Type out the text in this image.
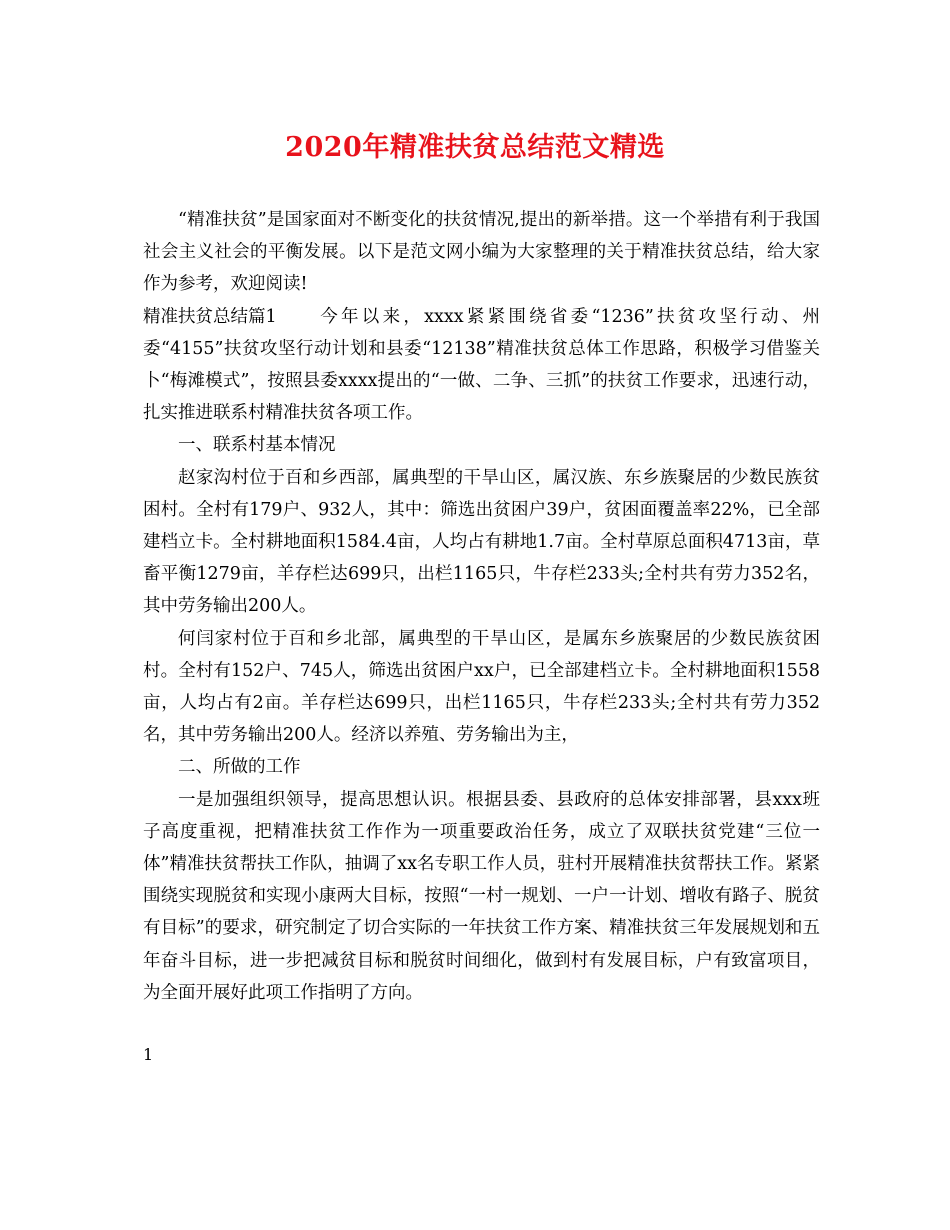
2020年精准扶贫总结范文精选

“精准扶贫”是国家面对不断变化的扶贫情况,提出的新举措。这一个举措有利于我国社会主义社会的平衡发展。以下是范文网小编为大家整理的关于精准扶贫总结，给大家作为参考，欢迎阅读!

精准扶贫总结篇1 今年以来，xxxx紧紧围绕省委“1236”扶贫攻坚行动、州委“4155”扶贫攻坚行动计划和县委“12138”精准扶贫总体工作思路，积极学习借鉴关卜“梅滩模式”，按照县委xxxx提出的“一做、二争、三抓”的扶贫工作要求，迅速行动，扎实推进联系村精准扶贫各项工作。

一、联系村基本情况

赵家沟村位于百和乡西部，属典型的干旱山区，属汉族、东乡族聚居的少数民族贫困村。全村有179户、932人，其中：筛选出贫困户39户，贫困面覆盖率22%，已全部建档立卡。全村耕地面积1584.4亩，人均占有耕地1.7亩。全村草原总面积4713亩，草畜平衡1279亩，羊存栏达699只，出栏1165只，牛存栏233头;全村共有劳力352名，其中劳务输出200人。

何闫家村位于百和乡北部，属典型的干旱山区，是属东乡族聚居的少数民族贫困村。全村有152户、745人，筛选出贫困户xx户，已全部建档立卡。全村耕地面积1558亩，人均占有2亩。羊存栏达699只，出栏1165只，牛存栏233头;全村共有劳力352名，其中劳务输出200人。经济以养殖、劳务输出为主，

二、所做的工作

一是加强组织领导，提高思想认识。根据县委、县政府的总体安排部署，县xxx班子高度重视，把精准扶贫工作作为一项重要政治任务，成立了双联扶贫党建“三位一体”精准扶贫帮扶工作队，抽调了xx名专职工作人员，驻村开展精准扶贫帮扶工作。紧紧围绕实现脱贫和实现小康两大目标，按照“一村一规划、一户一计划、增收有路子、脱贫有目标”的要求，研究制定了切合实际的一年扶贫工作方案、精准扶贫三年发展规划和五年奋斗目标，进一步把减贫目标和脱贫时间细化，做到村有发展目标，户有致富项目，为全面开展好此项工作指明了方向。

1
